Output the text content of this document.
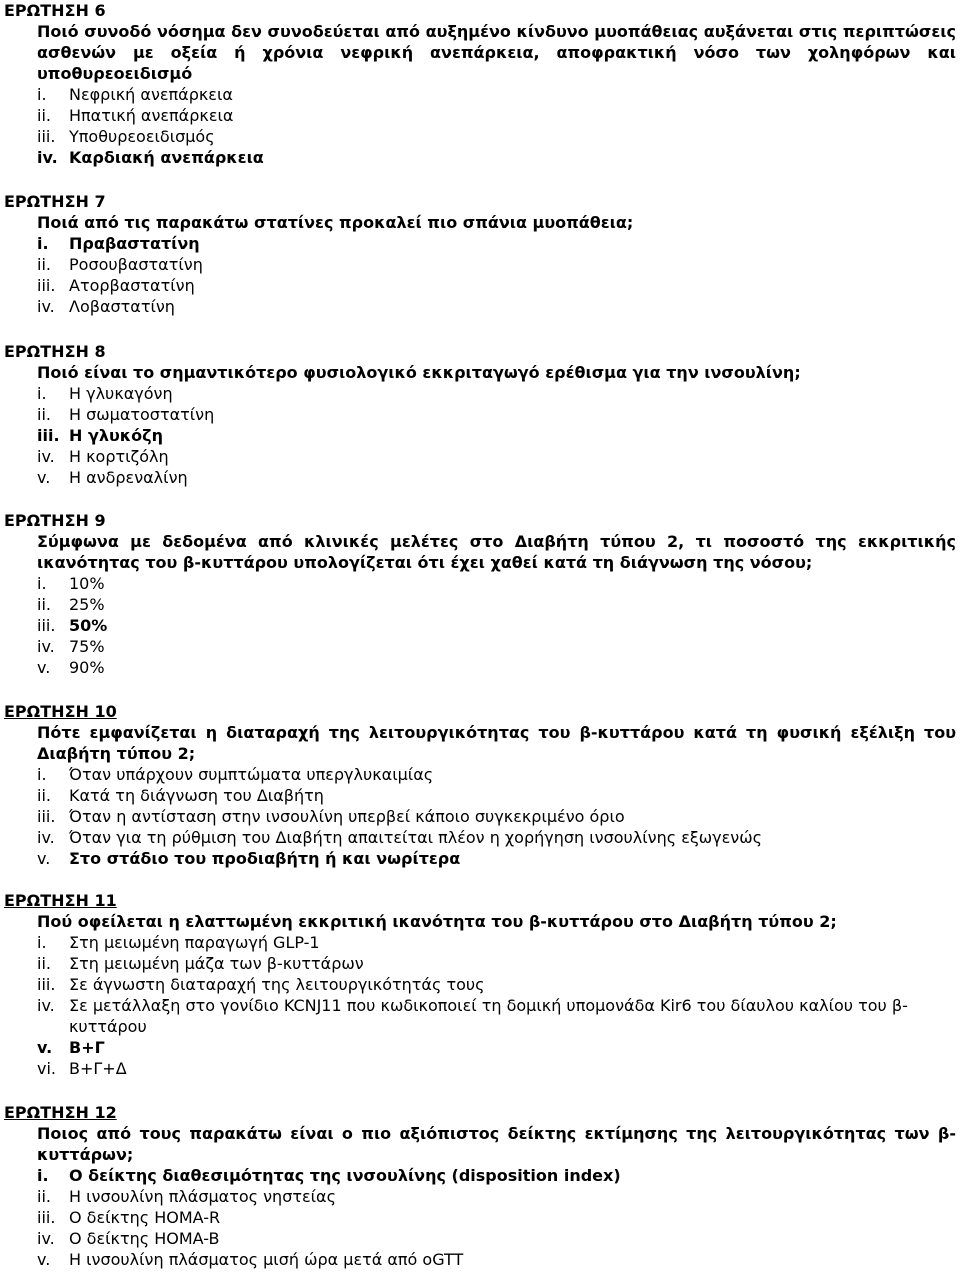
ΕΡΩΤΗΣΗ 6
Ποιό συνοδό νόσημα δεν συνοδεύεται από αυξημένο κίνδυνο μυοπάθειας αυξάνεται στις περιπτώσεις ασθενών με οξεία ή χρόνια νεφρική ανεπάρκεια, αποφρακτική νόσο των χοληφόρων και υποθυρεοειδισμό
i.	Νεφρική ανεπάρκεια
ii.	Ηπατική ανεπάρκεια
iii. Υποθυρεοειδισμός
iv. Καρδιακή ανεπάρκεια
ΕΡΩΤΗΣΗ 7
Ποιά από τις παρακάτω στατίνες προκαλεί πιο σπάνια μυοπάθεια;
i.	Πραβαστατίνη
ii.	Ροσουβαστατίνη
iii. Ατορβαστατίνη
iv. Λοβαστατίνη
ΕΡΩΤΗΣΗ 8
Ποιό είναι το σημαντικότερο φυσιολογικό εκκριταγωγό ερέθισμα για την ινσουλίνη;
i.	Η γλυκαγόνη
ii.	Η σωματοστατίνη
iii. Η γλυκόζη
iv. Η κορτιζόλη
v.	Η ανδρεναλίνη
ΕΡΩΤΗΣΗ 9
Σύμφωνα με δεδομένα από κλινικές μελέτες στο Διαβήτη τύπου 2, τι ποσοστό της εκκριτικής ικανότητας του β-κυττάρου υπολογίζεται ότι έχει χαθεί κατά τη διάγνωση της νόσου;
i.	10%
ii.	25%
iii. 50%
iv. 75%
v.	90%
ΕΡΩΤΗΣΗ 10
Πότε εμφανίζεται η διαταραχή της λειτουργικότητας του β-κυττάρου κατά τη φυσική εξέλιξη του Διαβήτη τύπου 2;
i.	Όταν υπάρχουν συμπτώματα υπεργλυκαιμίας
ii.	Κατά τη διάγνωση του Διαβήτη
iii. Όταν η αντίσταση στην ινσουλίνη υπερβεί κάποιο συγκεκριμένο όριο
iv. Όταν για τη ρύθμιση του Διαβήτη απαιτείται πλέον η χορήγηση ινσουλίνης εξωγενώς
v.	Στο στάδιο του προδιαβήτη ή και νωρίτερα
ΕΡΩΤΗΣΗ 11
Πού οφείλεται η ελαττωμένη εκκριτική ικανότητα του β-κυττάρου στο Διαβήτη τύπου 2;
i.	Στη μειωμένη παραγωγή GLP-1
ii.	Στη μειωμένη μάζα των β-κυττάρων
iii. Σε άγνωστη διαταραχή της λειτουργικότητάς τους
iv. Σε μετάλλαξη στο γονίδιο KCNJ11 που κωδικοποιεί τη δομική υπομονάδα Kir6 του δίαυλου καλίου του β-κυττάρου
v.	Β+Γ
vi. Β+Γ+Δ
ΕΡΩΤΗΣΗ 12
Ποιος από τους παρακάτω είναι ο πιο αξιόπιστος δείκτης εκτίμησης της λειτουργικότητας των β-κυττάρων;
i.	Ο δείκτης διαθεσιμότητας της ινσουλίνης (disposition index)
ii.	Η ινσουλίνη πλάσματος νηστείας
iii. Ο δείκτης HOMA-R
iv. Ο δείκτης HOMA-B
v.	Η ινσουλίνη πλάσματος μισή ώρα μετά από oGTT
